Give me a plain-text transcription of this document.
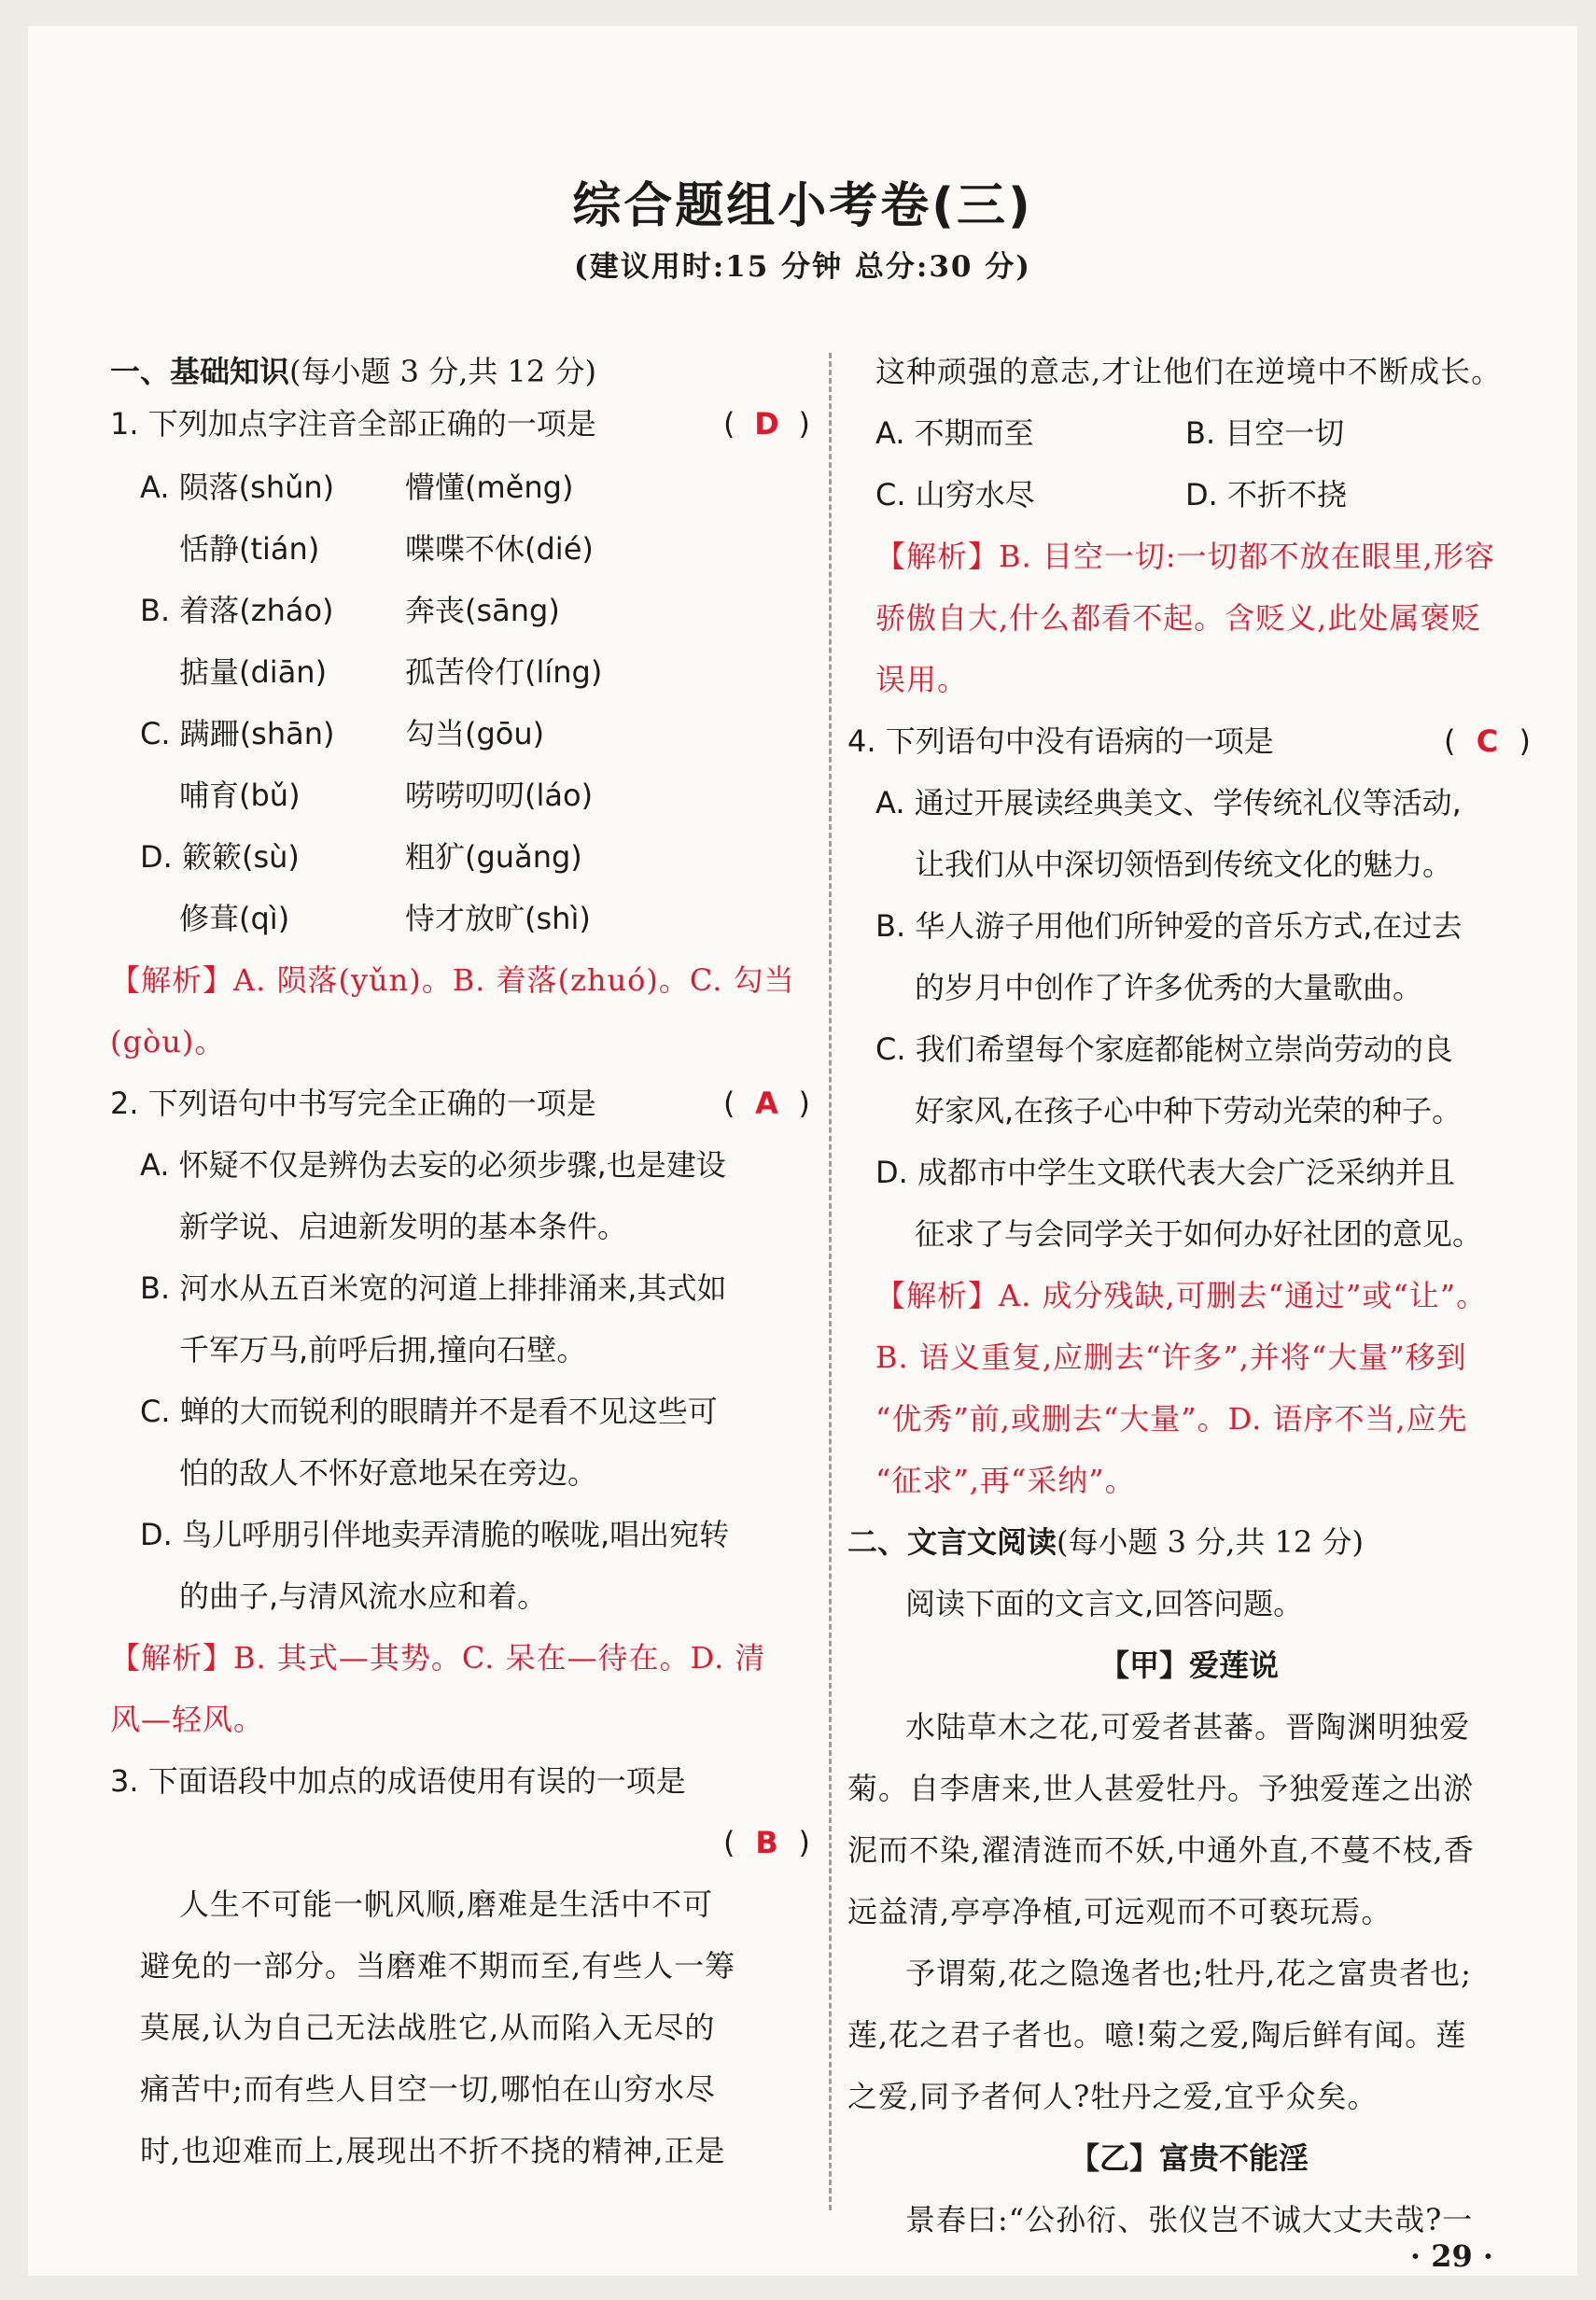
综合题组小考卷(三)
(建议用时:15 分钟 总分:30 分)
一、基础知识(每小题 3 分,共 12 分)
1. 下列加点字注音全部正确的一项是	( D )
A. 陨落(shǔn) 懵懂(měng)
恬静(tián)	喋喋不休(dié)
B. 着落(zháo) 奔丧(sāng)
掂量(diān)	孤苦伶仃(líng)
C. 蹒跚(shān) 勾当(gōu)
哺育(bǔ)	唠唠叨叨(láo)
D. 簌簌(sù)	粗犷(guǎng)
修葺(qì)	恃才放旷(shì)
【解析】A. 陨落(yǔn)。B. 着落(zhuó)。C. 勾当
(gòu)。
2. 下列语句中书写完全正确的一项是	( A )
A. 怀疑不仅是辨伪去妄的必须步骤,也是建设
新学说、启迪新发明的基本条件。
B. 河水从五百米宽的河道上排排涌来,其式如
千军万马,前呼后拥,撞向石壁。
C. 蝉的大而锐利的眼睛并不是看不见这些可
怕的敌人不怀好意地呆在旁边。
D. 鸟儿呼朋引伴地卖弄清脆的喉咙,唱出宛转
的曲子,与清风流水应和着。
【解析】B. 其式—其势。C. 呆在—待在。D. 清
风—轻风。
3. 下面语段中加点的成语使用有误的一项是
( B )
人生不可能一帆风顺,磨难是生活中不可
避免的一部分。当磨难不期而至,有些人一筹
莫展,认为自己无法战胜它,从而陷入无尽的
痛苦中;而有些人目空一切,哪怕在山穷水尽
时,也迎难而上,展现出不折不挠的精神,正是
这种顽强的意志,才让他们在逆境中不断成长。
A. 不期而至	B. 目空一切
C. 山穷水尽	D. 不折不挠
【解析】B. 目空一切:一切都不放在眼里,形容
骄傲自大,什么都看不起。含贬义,此处属褒贬
误用。
4. 下列语句中没有语病的一项是	( C )
A. 通过开展读经典美文、学传统礼仪等活动,
让我们从中深切领悟到传统文化的魅力。
B. 华人游子用他们所钟爱的音乐方式,在过去
的岁月中创作了许多优秀的大量歌曲。
C. 我们希望每个家庭都能树立崇尚劳动的良
好家风,在孩子心中种下劳动光荣的种子。
D. 成都市中学生文联代表大会广泛采纳并且
征求了与会同学关于如何办好社团的意见。
【解析】A. 成分残缺,可删去“通过”或“让”。
B. 语义重复,应删去“许多”,并将“大量”移到
“优秀”前,或删去“大量”。D. 语序不当,应先
“征求”,再“采纳”。
二、文言文阅读(每小题 3 分,共 12 分)
阅读下面的文言文,回答问题。
【甲】爱莲说
水陆草木之花,可爱者甚蕃。晋陶渊明独爱
菊。自李唐来,世人甚爱牡丹。予独爱莲之出淤
泥而不染,濯清涟而不妖,中通外直,不蔓不枝,香
远益清,亭亭净植,可远观而不可亵玩焉。
予谓菊,花之隐逸者也;牡丹,花之富贵者也;
莲,花之君子者也。噫!菊之爱,陶后鲜有闻。莲
之爱,同予者何人?牡丹之爱,宜乎众矣。
【乙】富贵不能淫
景春曰:“公孙衍、张仪岂不诚大丈夫哉?一
· 29 ·
